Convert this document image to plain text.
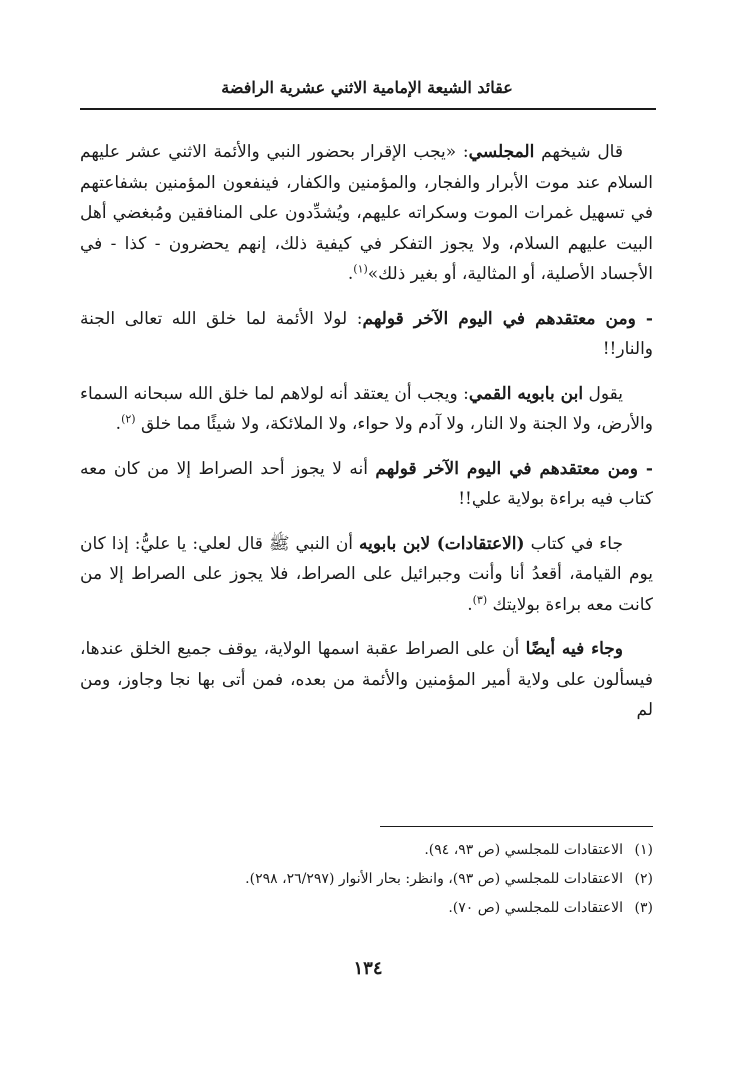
عقائد الشيعة الإمامية الاثني عشرية الرافضة

قال شيخهم المجلسي: «يجب الإقرار بحضور النبي والأئمة الاثني عشر عليهم السلام عند موت الأبرار والفجار، والمؤمنين والكفار، فينفعون المؤمنين بشفاعتهم في تسهيل غمرات الموت وسكراته عليهم، ويُشدِّدون على المنافقين ومُبغضي أهل البيت عليهم السلام، ولا يجوز التفكر في كيفية ذلك، إنهم يحضرون - كذا - في الأجساد الأصلية، أو المثالية، أو بغير ذلك»$^{(١)}$.

- ومن معتقدهم في اليوم الآخر قولهم: لولا الأئمة لما خلق الله تعالى الجنة والنار!!

يقول ابن بابويه القمي: ويجب أن يعتقد أنه لولاهم لما خلق الله سبحانه السماء والأرض، ولا الجنة ولا النار، ولا آدم ولا حواء، ولا الملائكة، ولا شيئًا مما خلق $^{(٢)}$.

- ومن معتقدهم في اليوم الآخر قولهم أنه لا يجوز أحد الصراط إلا من كان معه كتاب فيه براءة بولاية علي!!

جاء في كتاب (الاعتقادات) لابن بابويه أن النبي ﷺ قال لعلي: يا عليُّ: إذا كان يوم القيامة، أقعدُ أنا وأنت وجبرائيل على الصراط، فلا يجوز على الصراط إلا من كانت معه براءة بولايتك $^{(٣)}$.

وجاء فيه أيضًا أن على الصراط عقبة اسمها الولاية، يوقف جميع الخلق عندها، فيسألون على ولاية أمير المؤمنين والأئمة من بعده، فمن أتى بها نجا وجاوز، ومن لم

(١)الاعتقادات للمجلسي (ص ٩٣، ٩٤).
(٢)الاعتقادات للمجلسي (ص ٩٣)، وانظر: بحار الأنوار (٢٦/٢٩٧، ٢٩٨).
(٣)الاعتقادات للمجلسي (ص ٧٠).
١٣٤
